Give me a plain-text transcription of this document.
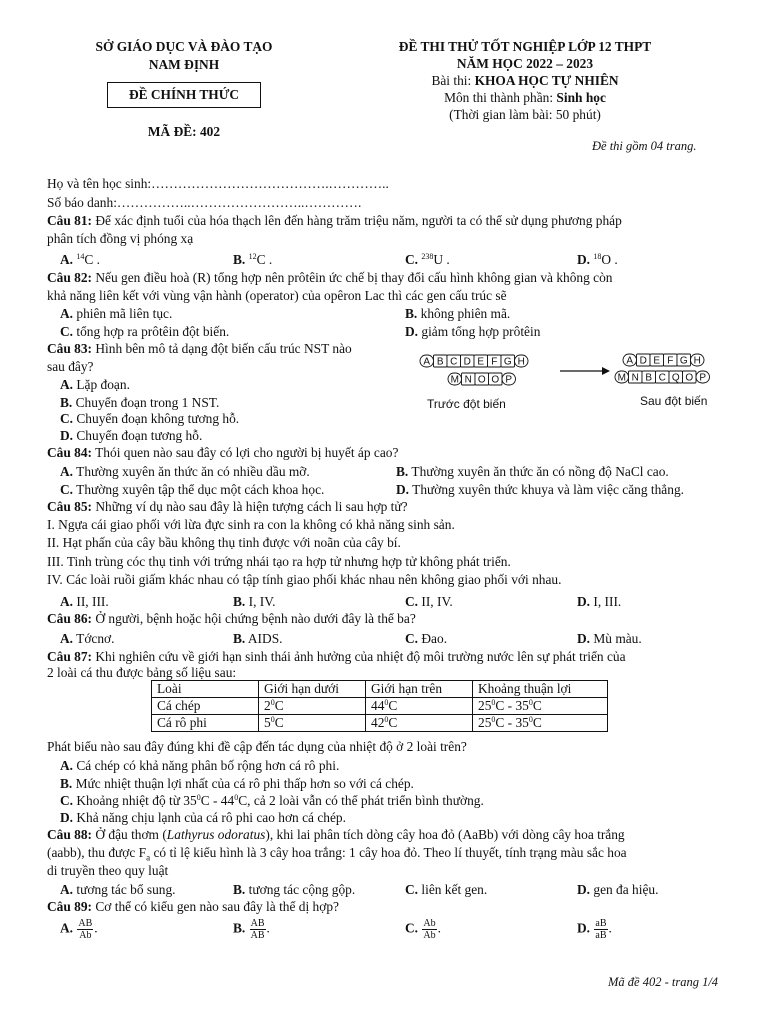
SỞ GIÁO DỤC VÀ ĐÀO TẠO
NAM ĐỊNH
ĐỀ CHÍNH THỨC
MÃ ĐỀ: 402
ĐỀ THI THỬ TỐT NGHIỆP LỚP 12 THPT
NĂM HỌC 2022 – 2023
Bài thi: KHOA HỌC TỰ NHIÊN
Môn thi thành phần: Sinh học
(Thời gian làm bài: 50 phút)
Đề thi gồm 04 trang.
Họ và tên học sinh:………………………………….…………..
Số báo danh:……………..……………………..………….
Câu 81: Để xác định tuổi của hóa thạch lên đến hàng trăm triệu năm, người ta có thể sử dụng phương pháp
phân tích đồng vị phóng xạ
A. $^{14}$C .	B. $^{12}$C .	C. $^{238}$U .	D. $^{18}$O .
Câu 82: Nếu gen điều hoà (R) tổng hợp nên prôtêin ức chế bị thay đổi cấu hình không gian và không còn
khả năng liên kết với vùng vận hành (operator) của opêron Lac thì các gen cấu trúc sẽ
A. phiên mã liên tục.	B. không phiên mã.
C. tổng hợp ra prôtêin đột biến.	D. giảm tổng hợp prôtêin
Câu 83: Hình bên mô tả dạng đột biến cấu trúc NST nào
sau đây?
A. Lặp đoạn.
B. Chuyển đoạn trong 1 NST.
C. Chuyển đoạn không tương hỗ.
D. Chuyển đoạn tương hỗ.
A B C D E F G H
M N O O P
A D E F G H
M N B C Q O P
Trước đột biến	Sau đột biến
Câu 84: Thói quen nào sau đây có lợi cho người bị huyết áp cao?
A. Thường xuyên ăn thức ăn có nhiều dầu mỡ.	B. Thường xuyên ăn thức ăn có nồng độ NaCl cao.
C. Thường xuyên tập thể dục một cách khoa học.	D. Thường xuyên thức khuya và làm việc căng thẳng.
Câu 85: Những ví dụ nào sau đây là hiện tượng cách li sau hợp tử?
I. Ngựa cái giao phối với lừa đực sinh ra con la không có khả năng sinh sản.
II. Hạt phấn của cây bầu không thụ tinh được với noãn của cây bí.
III. Tinh trùng cóc thụ tinh với trứng nhái tạo ra hợp tử nhưng hợp tử không phát triển.
IV. Các loài ruồi giấm khác nhau có tập tính giao phối khác nhau nên không giao phối với nhau.
A. II, III.	B. I, IV.	C. II, IV.	D. I, III.
Câu 86: Ở người, bệnh hoặc hội chứng bệnh nào dưới đây là thể ba?
A. Tớcnơ.	B. AIDS.	C. Đao.	D. Mù màu.
Câu 87: Khi nghiên cứu về giới hạn sinh thái ảnh hưởng của nhiệt độ môi trường nước lên sự phát triển của
2 loài cá thu được bảng số liệu sau:
Loài	Giới hạn dưới	Giới hạn trên	Khoảng thuận lợi
Cá chép	$2^0C$	$44^0C$	$25^0C - 35^0C$
Cá rô phi	$5^0C$	$42^0C$	$25^0C - 35^0C$
Phát biểu nào sau đây đúng khi đề cập đến tác dụng của nhiệt độ ở 2 loài trên?
A. Cá chép có khả năng phân bố rộng hơn cá rô phi.
B. Mức nhiệt thuận lợi nhất của cá rô phi thấp hơn so với cá chép.
C. Khoảng nhiệt độ từ $35^0C - 44^0C$, cả 2 loài vẫn có thể phát triển bình thường.
D. Khả năng chịu lạnh của cá rô phi cao hơn cá chép.
Câu 88: Ở đậu thơm (Lathyrus odoratus), khi lai phân tích dòng cây hoa đỏ (AaBb) với dòng cây hoa trắng
(aabb), thu được $F_a$ có tỉ lệ kiểu hình là 3 cây hoa trắng: 1 cây hoa đỏ. Theo lí thuyết, tính trạng màu sắc hoa
di truyền theo quy luật
A. tương tác bổ sung.	B. tương tác cộng gộp.	C. liên kết gen.	D. gen đa hiệu.
Câu 89: Cơ thể có kiểu gen nào sau đây là thể dị hợp?
A. $\frac{AB}{Ab}$ .	B. $\frac{AB}{AB}$ .	C. $\frac{Ab}{Ab}$ .	D. $\frac{aB}{aB}$ .
Mã đề 402 - trang 1/4
